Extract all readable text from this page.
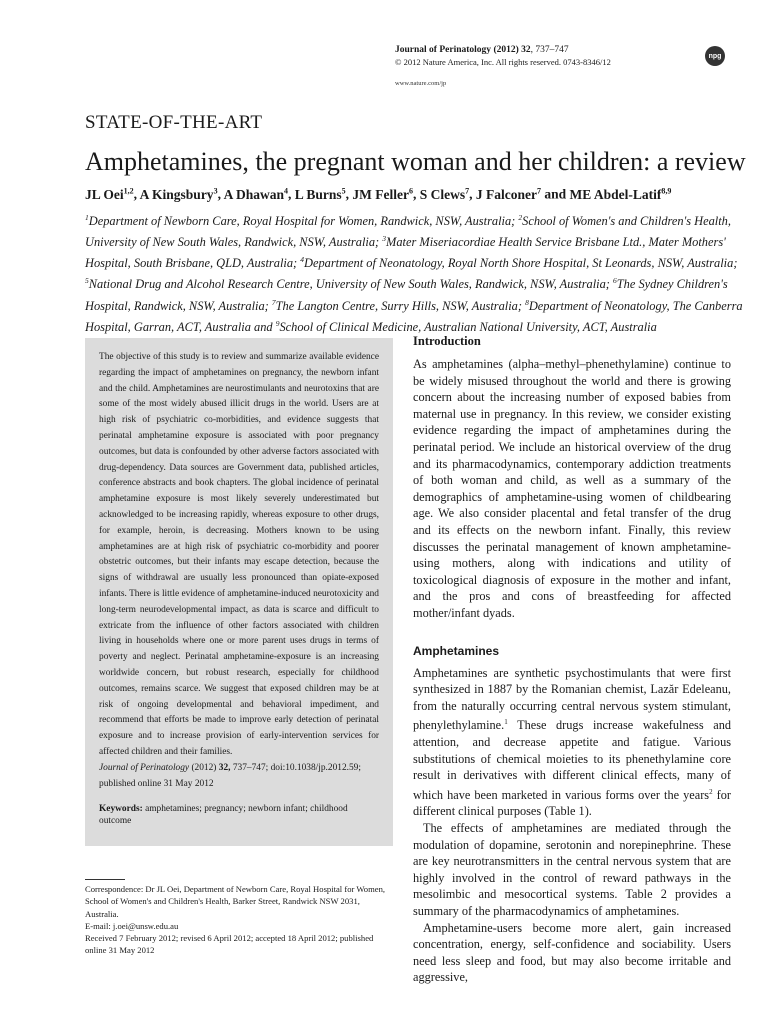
Journal of Perinatology (2012) 32, 737–747
© 2012 Nature America, Inc. All rights reserved. 0743-8346/12
www.nature.com/jp
npg
STATE-OF-THE-ART
Amphetamines, the pregnant woman and her children: a review
JL Oei$^{1,2}$, A Kingsbury$^3$, A Dhawan$^4$, L Burns$^5$, JM Feller$^6$, S Clews$^7$, J Falconer$^7$ and ME Abdel-Latif$^{8,9}$
$^1$Department of Newborn Care, Royal Hospital for Women, Randwick, NSW, Australia; $^2$School of Women's and Children's Health, University of New South Wales, Randwick, NSW, Australia; $^3$Mater Miseriacordiae Health Service Brisbane Ltd., Mater Mothers' Hospital, South Brisbane, QLD, Australia; $^4$Department of Neonatology, Royal North Shore Hospital, St Leonards, NSW, Australia; $^5$National Drug and Alcohol Research Centre, University of New South Wales, Randwick, NSW, Australia; $^6$The Sydney Children's Hospital, Randwick, NSW, Australia; $^7$The Langton Centre, Surry Hills, NSW, Australia; $^8$Department of Neonatology, The Canberra Hospital, Garran, ACT, Australia and $^9$School of Clinical Medicine, Australian National University, ACT, Australia
The objective of this study is to review and summarize available evidence regarding the impact of amphetamines on pregnancy, the newborn infant and the child. Amphetamines are neurostimulants and neurotoxins that are some of the most widely abused illicit drugs in the world. Users are at high risk of psychiatric co-morbidities, and evidence suggests that perinatal amphetamine exposure is associated with poor pregnancy outcomes, but data is confounded by other adverse factors associated with drug-dependency. Data sources are Government data, published articles, conference abstracts and book chapters. The global incidence of perinatal amphetamine exposure is most likely severely underestimated but acknowledged to be increasing rapidly, whereas exposure to other drugs, for example, heroin, is decreasing. Mothers known to be using amphetamines are at high risk of psychiatric co-morbidity and poorer obstetric outcomes, but their infants may escape detection, because the signs of withdrawal are usually less pronounced than opiate-exposed infants. There is little evidence of amphetamine-induced neurotoxicity and long-term neurodevelopmental impact, as data is scarce and difficult to extricate from the influence of other factors associated with children living in households where one or more parent uses drugs in terms of poverty and neglect. Perinatal amphetamine-exposure is an increasing worldwide concern, but robust research, especially for childhood outcomes, remains scarce. We suggest that exposed children may be at risk of ongoing developmental and behavioral impediment, and recommend that efforts be made to improve early detection of perinatal exposure and to increase provision of early-intervention services for affected children and their families.

Journal of Perinatology (2012) 32, 737–747; doi:10.1038/jp.2012.59; published online 31 May 2012

Keywords: amphetamines; pregnancy; newborn infant; childhood outcome

Correspondence: Dr JL Oei, Department of Newborn Care, Royal Hospital for Women, School of Women's and Children's Health, Barker Street, Randwick NSW 2031, Australia.

E-mail: j.oei@unsw.edu.au

Received 7 February 2012; revised 6 April 2012; accepted 18 April 2012; published online 31 May 2012

Introduction

As amphetamines (alpha–methyl–phenethylamine) continue to be widely misused throughout the world and there is growing concern about the increasing number of exposed babies from maternal use in pregnancy. In this review, we consider existing evidence regarding the impact of amphetamines during the perinatal period. We include an historical overview of the drug and its pharmacodynamics, contemporary addiction treatments of both woman and child, as well as a summary of the demographics of amphetamine-using women of childbearing age. We also consider placental and fetal transfer of the drug and its effects on the newborn infant. Finally, this review discusses the perinatal management of known amphetamine-using mothers, along with indications and utility of toxicological diagnosis of exposure in the mother and infant, and the pros and cons of breastfeeding for affected mother/infant dyads.

Amphetamines

Amphetamines are synthetic psychostimulants that were first synthesized in 1887 by the Romanian chemist, Lazăr Edeleanu, from the naturally occurring central nervous system stimulant, phenylethylamine.$^1$ These drugs increase wakefulness and attention, and decrease appetite and fatigue. Various substitutions of chemical moieties to its phenethylamine core result in derivatives with different clinical effects, many of which have been marketed in various forms over the years$^2$ for different clinical purposes (Table 1).

The effects of amphetamines are mediated through the modulation of dopamine, serotonin and norepinephrine. These are key neurotransmitters in the central nervous system that are highly involved in the control of reward pathways in the mesolimbic and mesocortical systems. Table 2 provides a summary of the pharmacodynamics of amphetamines.

Amphetamine-users become more alert, gain increased concentration, energy, self-confidence and sociability. Users need less sleep and food, but may also become irritable and aggressive,
